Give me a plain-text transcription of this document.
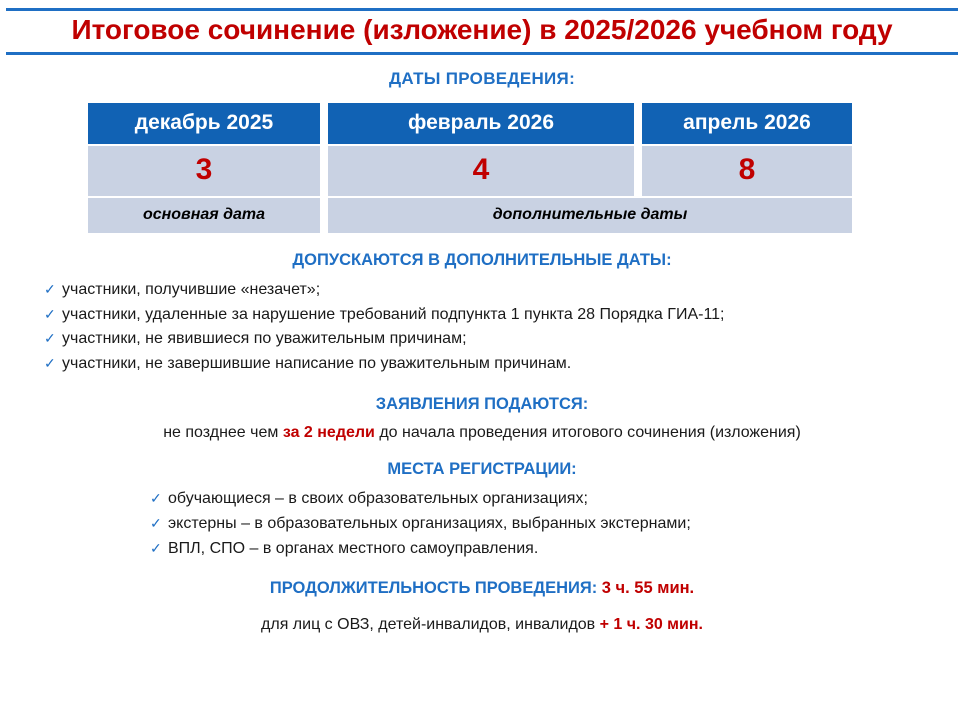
Итоговое сочинение (изложение) в 2025/2026 учебном году
ДАТЫ ПРОВЕДЕНИЯ:
декабрь 2025	февраль 2026	апрель 2026
3	4	8
основная дата	дополнительные даты
ДОПУСКАЮТСЯ В ДОПОЛНИТЕЛЬНЫЕ ДАТЫ:
✓ участники, получившие «незачет»;
✓ участники, удаленные за нарушение требований подпункта 1 пункта 28 Порядка ГИА-11;
✓ участники, не явившиеся по уважительным причинам;
✓ участники, не завершившие написание по уважительным причинам.
ЗАЯВЛЕНИЯ ПОДАЮТСЯ:
не позднее чем за 2 недели до начала проведения итогового сочинения (изложения)
МЕСТА РЕГИСТРАЦИИ:
✓ обучающиеся – в своих образовательных организациях;
✓ экстерны – в образовательных организациях, выбранных экстернами;
✓ ВПЛ, СПО – в органах местного самоуправления.
ПРОДОЛЖИТЕЛЬНОСТЬ ПРОВЕДЕНИЯ: 3 ч. 55 мин.
для лиц с ОВЗ, детей-инвалидов, инвалидов + 1 ч. 30 мин.
